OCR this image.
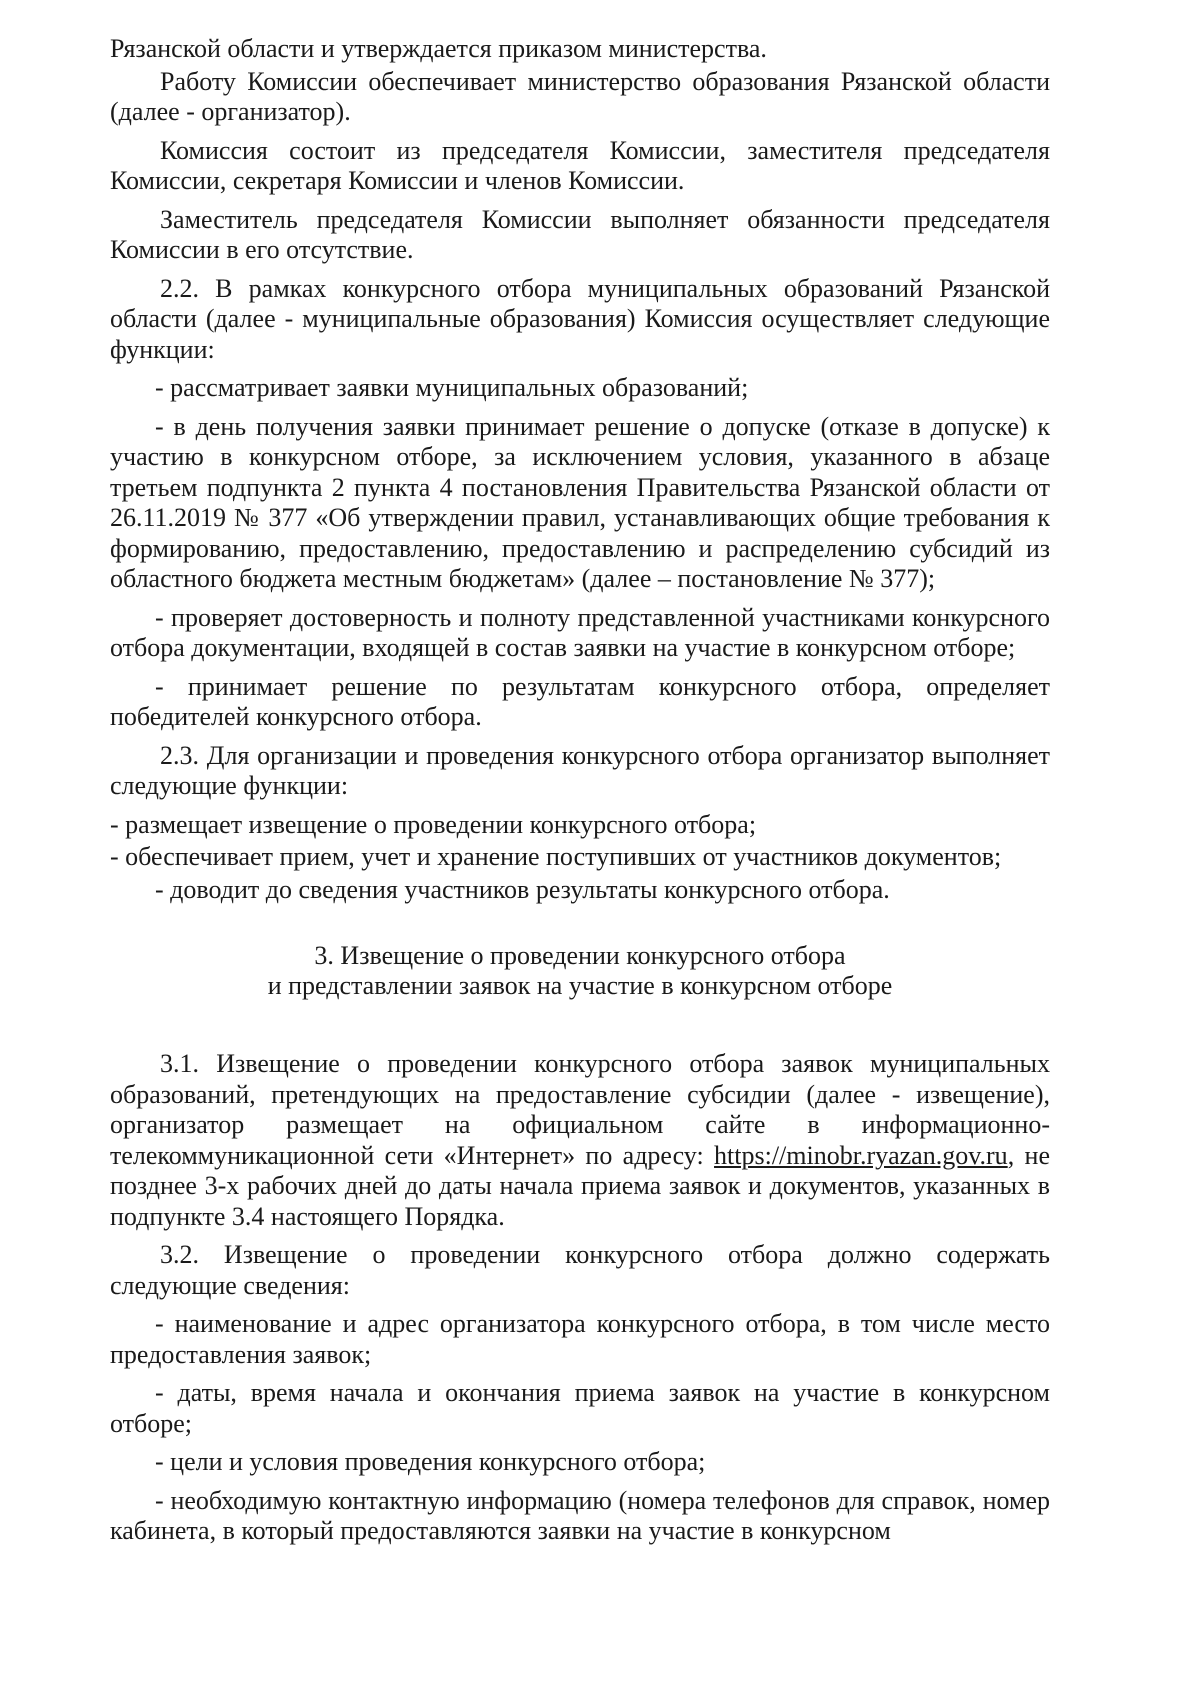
Рязанской области и утверждается приказом министерства.

Работу Комиссии обеспечивает министерство образования Рязанской области (далее - организатор).

Комиссия состоит из председателя Комиссии, заместителя председателя Комиссии, секретаря Комиссии и членов Комиссии.

Заместитель председателя Комиссии выполняет обязанности председателя Комиссии в его отсутствие.

2.2. В рамках конкурсного отбора муниципальных образований Рязанской области (далее - муниципальные образования) Комиссия осуществляет следующие функции:

- рассматривает заявки муниципальных образований;

- в день получения заявки принимает решение о допуске (отказе в допуске) к участию в конкурсном отборе, за исключением условия, указанного в абзаце третьем подпункта 2 пункта 4 постановления Правительства Рязанской области от 26.11.2019 № 377 «Об утверждении правил, устанавливающих общие требования к формированию, предоставлению, предоставлению и распределению субсидий из областного бюджета местным бюджетам» (далее – постановление № 377);

- проверяет достоверность и полноту представленной участниками конкурсного отбора документации, входящей в состав заявки на участие в конкурсном отборе;

- принимает решение по результатам конкурсного отбора, определяет победителей конкурсного отбора.

2.3. Для организации и проведения конкурсного отбора организатор выполняет следующие функции:

- размещает извещение о проведении конкурсного отбора;

- обеспечивает прием, учет и хранение поступивших от участников документов;

- доводит до сведения участников результаты конкурсного отбора.

3. Извещение о проведении конкурсного отбора
и представлении заявок на участие в конкурсном отборе

3.1. Извещение о проведении конкурсного отбора заявок муниципальных образований, претендующих на предоставление субсидии (далее - извещение), организатор размещает на официальном сайте в информационно-телекоммуникационной сети «Интернет» по адресу: https://minobr.ryazan.gov.ru, не позднее 3-х рабочих дней до даты начала приема заявок и документов, указанных в подпункте 3.4 настоящего Порядка.

3.2. Извещение о проведении конкурсного отбора должно содержать следующие сведения:

- наименование и адрес организатора конкурсного отбора, в том числе место предоставления заявок;

- даты, время начала и окончания приема заявок на участие в конкурсном отборе;

- цели и условия проведения конкурсного отбора;

- необходимую контактную информацию (номера телефонов для справок, номер кабинета, в который предоставляются заявки на участие в конкурсном
